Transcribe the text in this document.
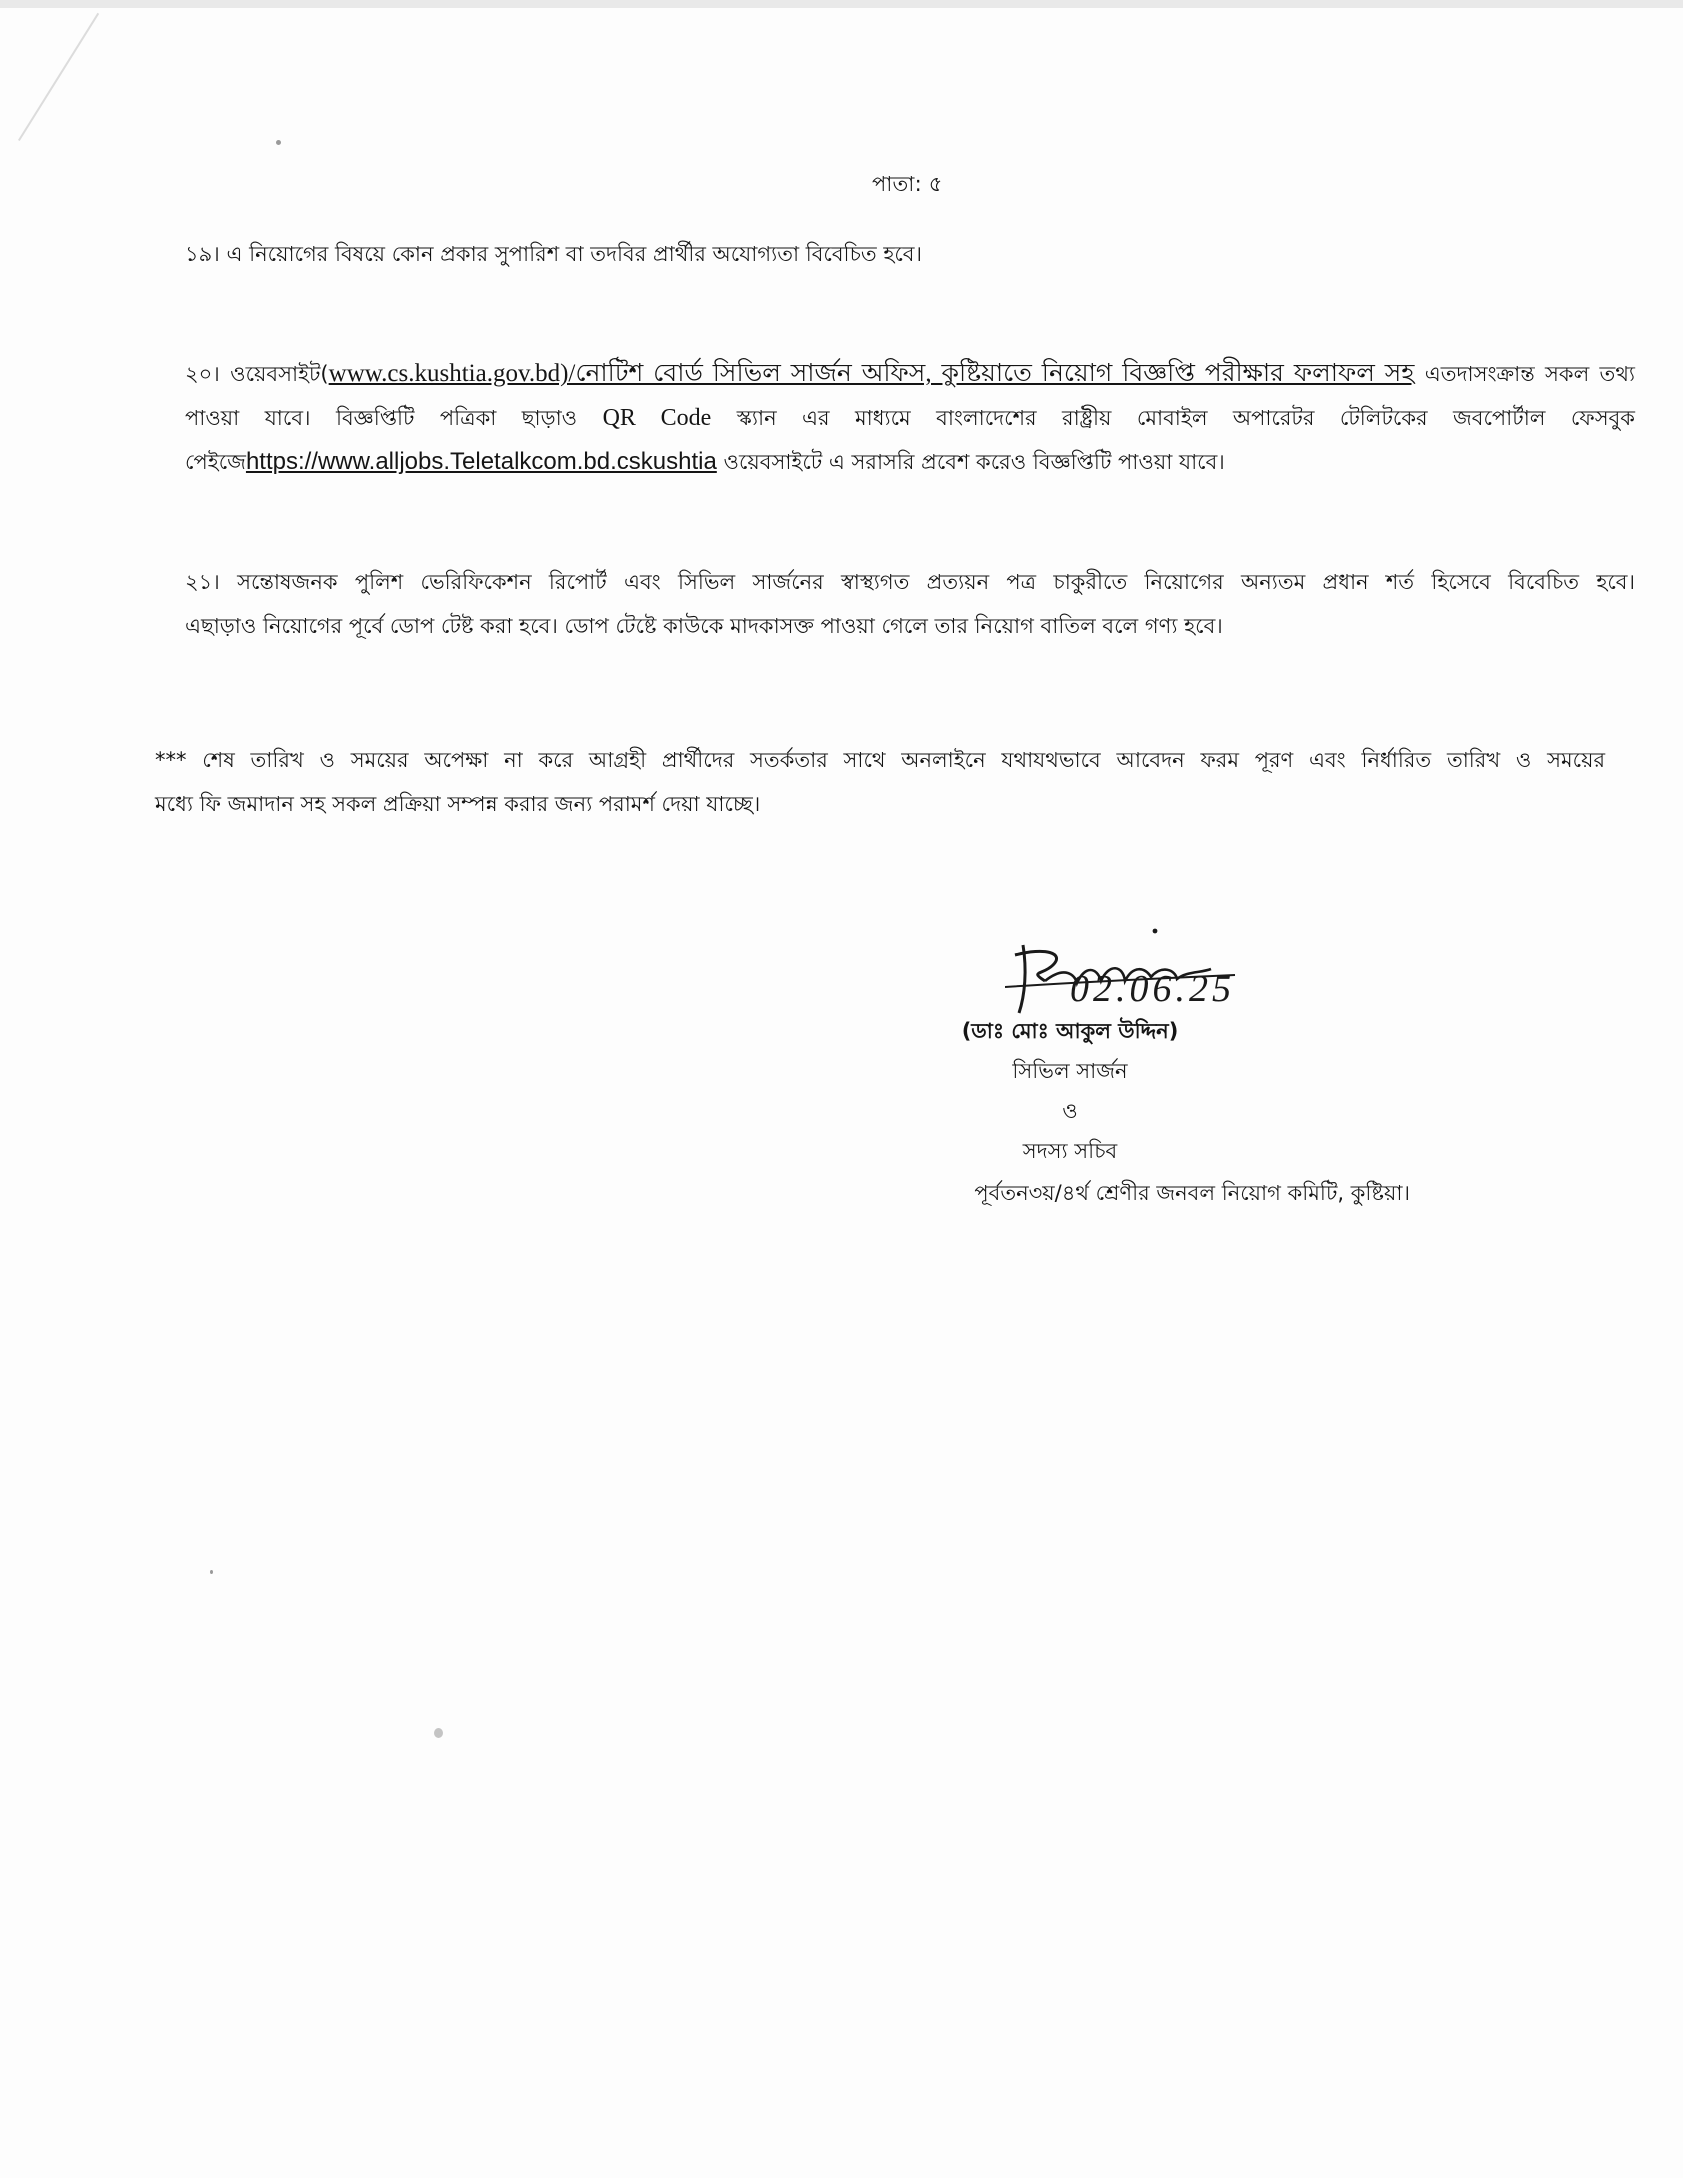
পাতা: ৫
১৯। এ নিয়োগের বিষয়ে কোন প্রকার সুপারিশ বা তদবির প্রার্থীর অযোগ্যতা বিবেচিত হবে।
২০। ওয়েবসাইট(www.cs.kushtia.gov.bd)/নোটিশ বোর্ড সিভিল সার্জন অফিস, কুষ্টিয়াতে নিয়োগ বিজ্ঞপ্তি পরীক্ষার ফলাফল সহ এতদাসংক্রান্ত সকল তথ্য
পাওয়া যাবে। বিজ্ঞপ্তিটি পত্রিকা ছাড়াও QR Code স্ক্যান এর মাধ্যমে বাংলাদেশের রাষ্ট্রীয় মোবাইল অপারেটর টেলিটকের জবপোর্টাল ফেসবুক
পেইজেhttps://www.alljobs.Teletalkcom.bd.cskushtia ওয়েবসাইটে এ সরাসরি প্রবেশ করেও বিজ্ঞপ্তিটি পাওয়া যাবে।
২১। সন্তোষজনক পুলিশ ভেরিফিকেশন রিপোর্ট এবং সিভিল সার্জনের স্বাস্থ্যগত প্রত্যয়ন পত্র চাকুরীতে নিয়োগের অন্যতম প্রধান শর্ত হিসেবে বিবেচিত হবে।
এছাড়াও নিয়োগের পূর্বে ডোপ টেষ্ট করা হবে। ডোপ টেষ্টে কাউকে মাদকাসক্ত পাওয়া গেলে তার নিয়োগ বাতিল বলে গণ্য হবে।
*** শেষ তারিখ ও সময়ের অপেক্ষা না করে আগ্রহী প্রার্থীদের সতর্কতার সাথে অনলাইনে যথাযথভাবে আবেদন ফরম পূরণ এবং নির্ধারিত তারিখ ও সময়ের
মধ্যে ফি জমাদান সহ সকল প্রক্রিয়া সম্পন্ন করার জন্য পরামর্শ দেয়া যাচ্ছে।
02.06.25
(ডাঃ মোঃ আকুল উদ্দিন)
সিভিল সার্জন
ও
সদস্য সচিব
পূর্বতন৩য়/৪র্থ শ্রেণীর জনবল নিয়োগ কমিটি, কুষ্টিয়া।
